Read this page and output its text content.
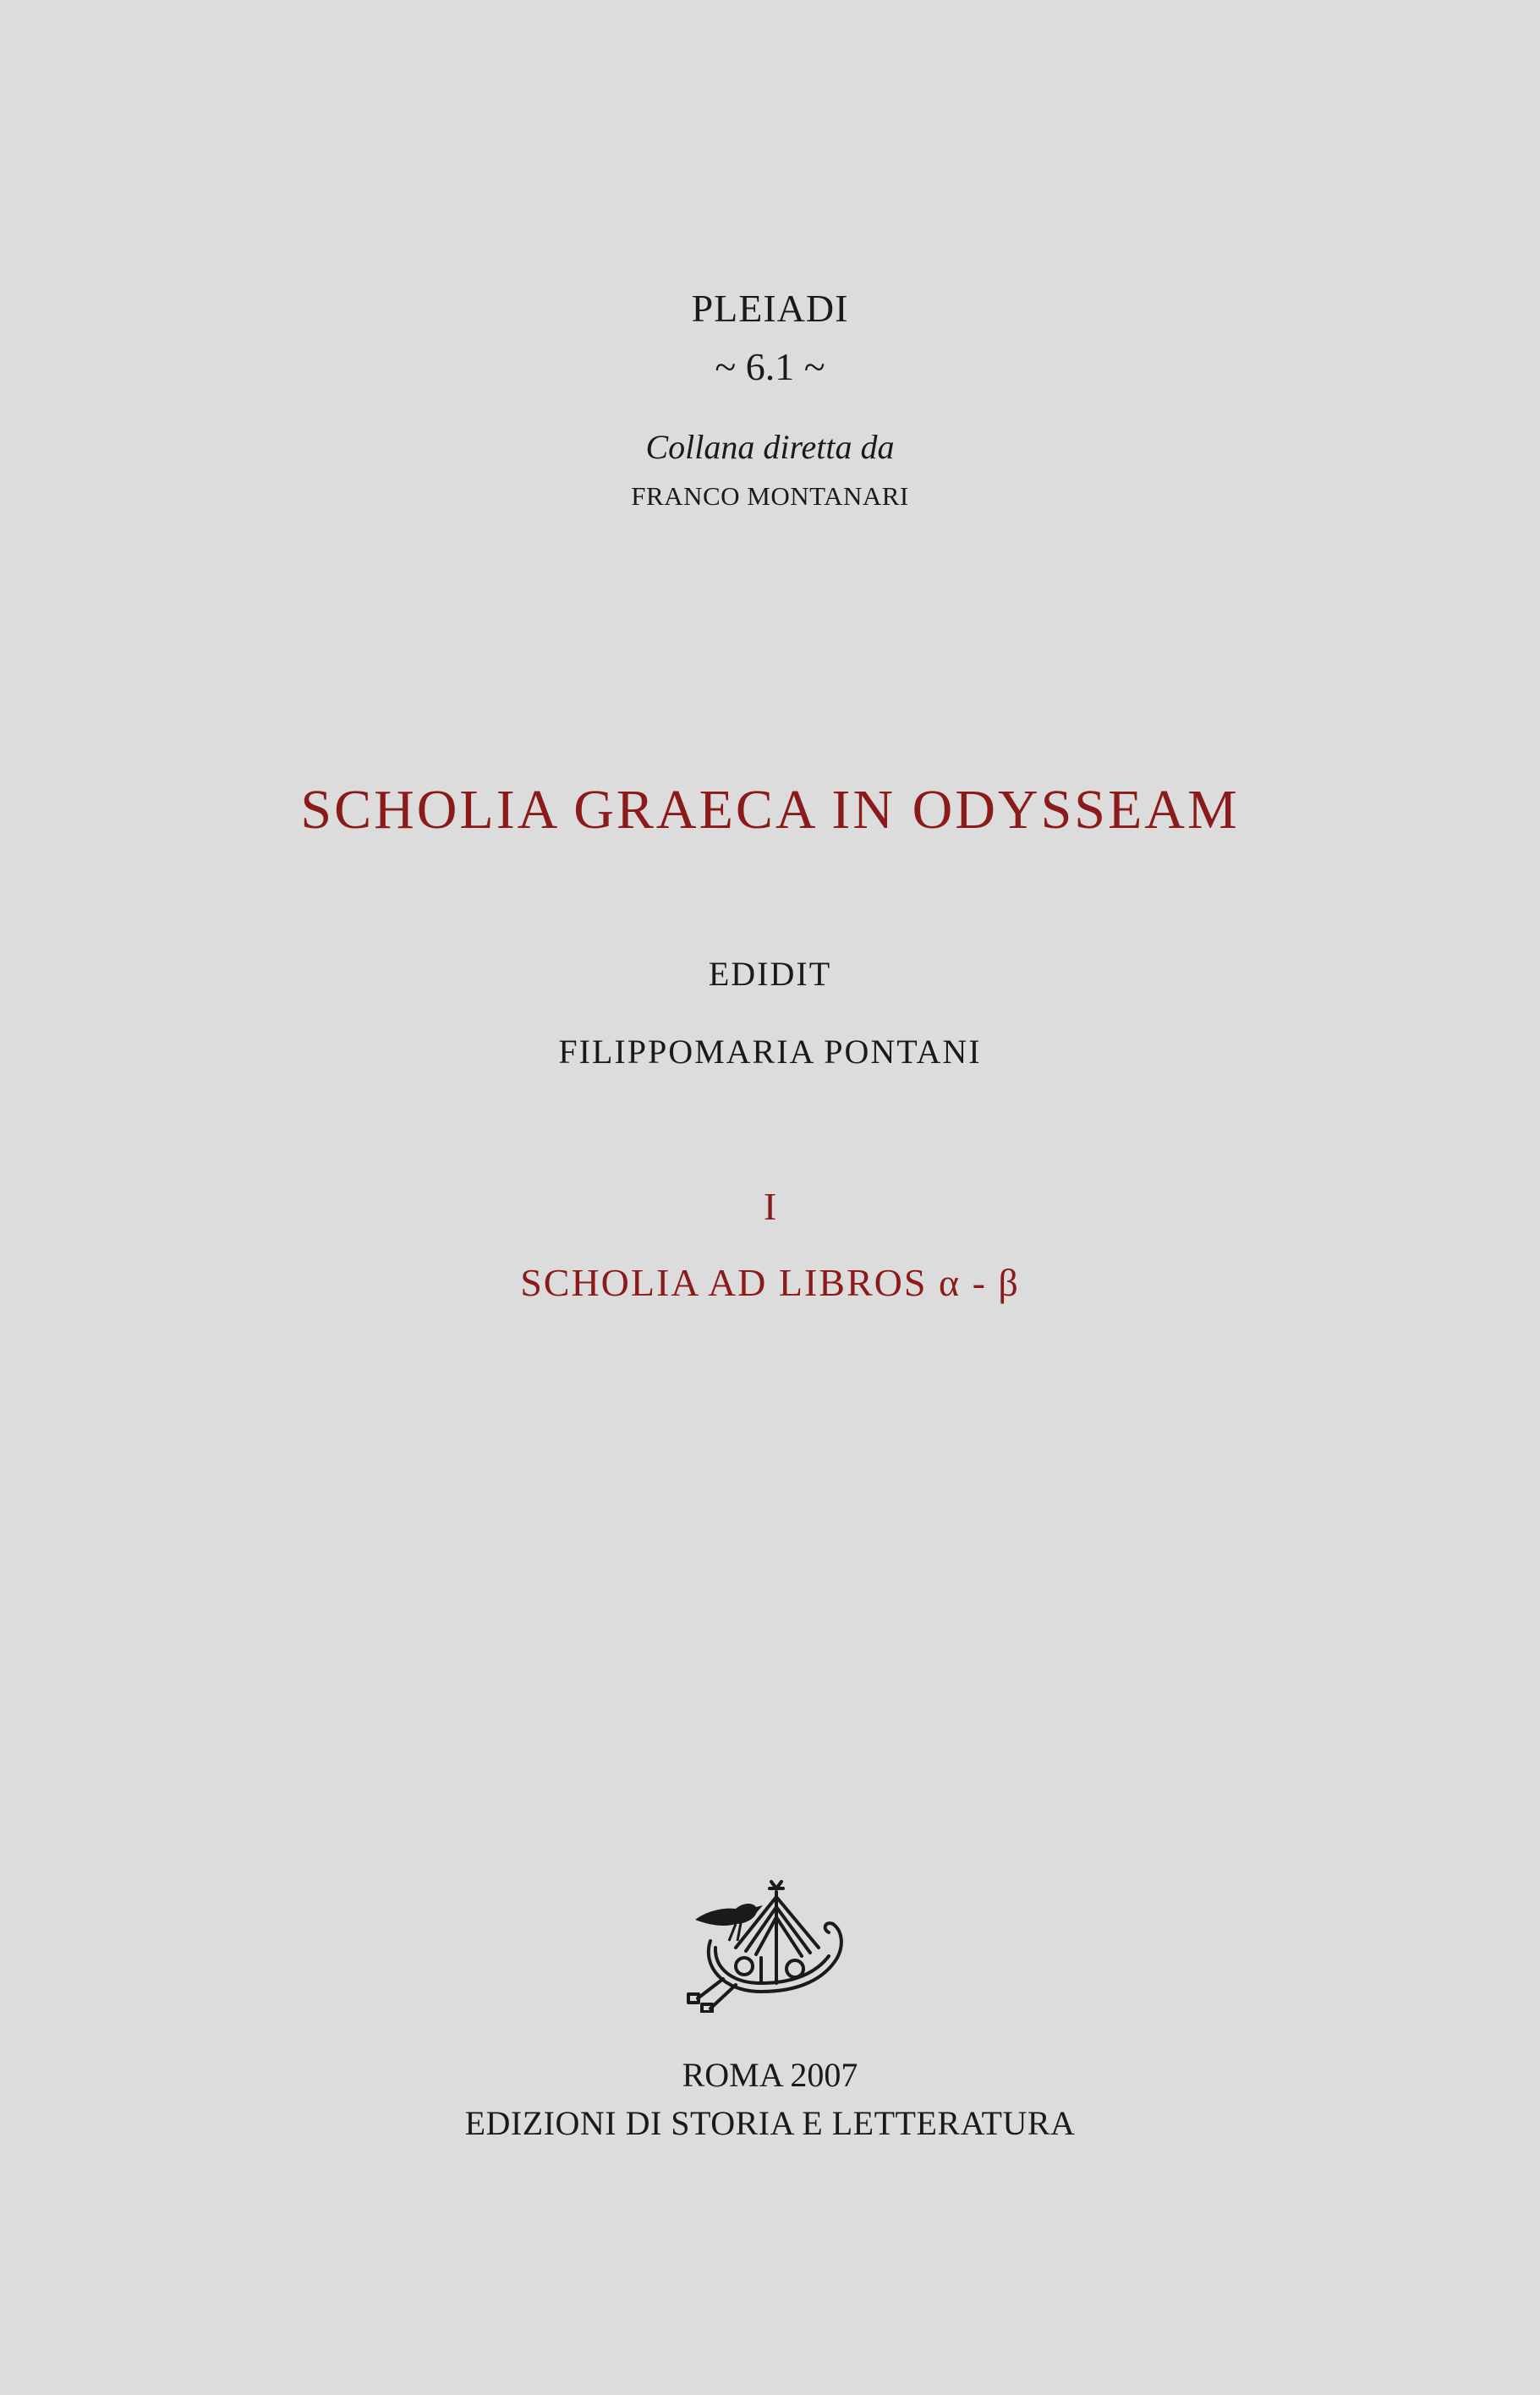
PLEIADI
~ 6.1 ~
Collana diretta da
FRANCO MONTANARI
SCHOLIA GRAECA IN ODYSSEAM
EDIDIT
FILIPPOMARIA PONTANI
I
SCHOLIA AD LIBROS α - β
ROMA 2007
EDIZIONI DI STORIA E LETTERATURA
